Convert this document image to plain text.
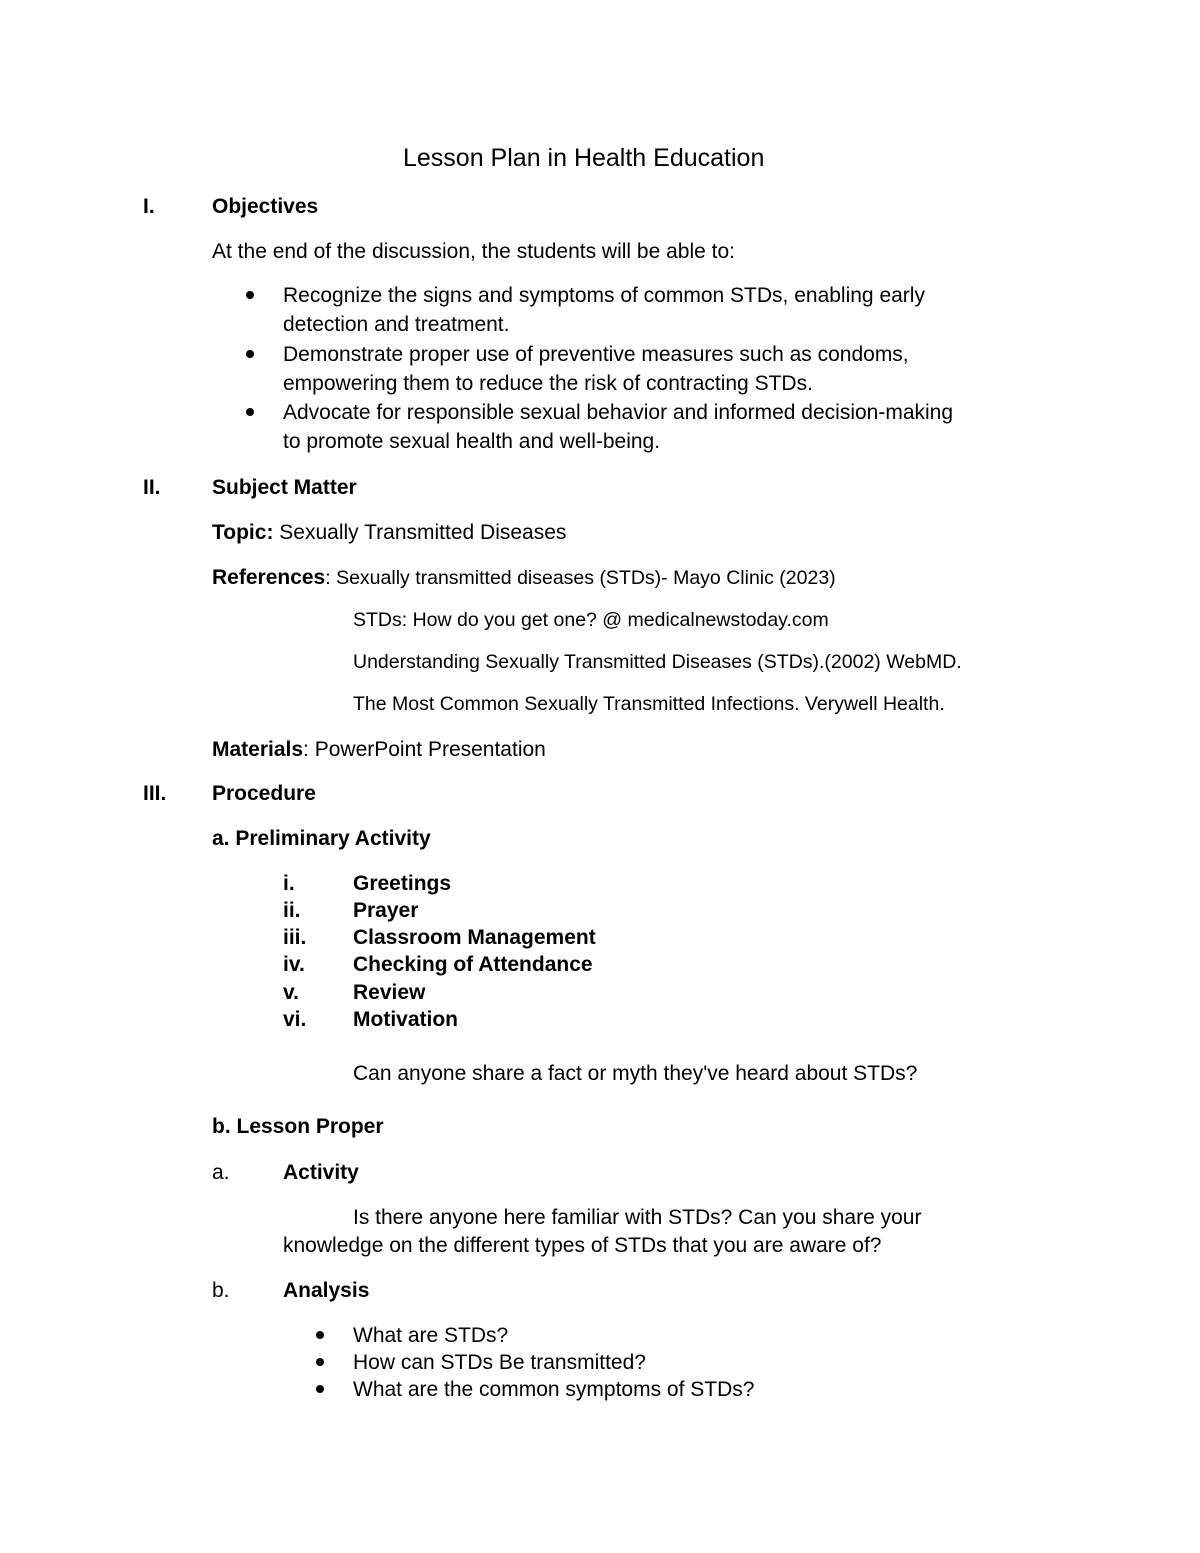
Lesson Plan in Health Education
I.	Objectives
At the end of the discussion, the students will be able to:
Recognize the signs and symptoms of common STDs, enabling early
detection and treatment.
Demonstrate proper use of preventive measures such as condoms,
empowering them to reduce the risk of contracting STDs.
Advocate for responsible sexual behavior and informed decision-making
to promote sexual health and well-being.
II. Subject Matter
Topic: Sexually Transmitted Diseases
References: Sexually transmitted diseases (STDs)- Mayo Clinic (2023)
STDs: How do you get one? @ medicalnewstoday.com
Understanding Sexually Transmitted Diseases (STDs).(2002) WebMD.
The Most Common Sexually Transmitted Infections. Verywell Health.
Materials: PowerPoint Presentation
III. Procedure
a. Preliminary Activity
i.	Greetings
ii. Prayer
iii. Classroom Management
iv. Checking of Attendance
v.	Review
vi. Motivation
Can anyone share a fact or myth they've heard about STDs?
b. Lesson Proper
a.	Activity
Is there anyone here familiar with STDs? Can you share your
knowledge on the different types of STDs that you are aware of?
b.	Analysis
What are STDs?
How can STDs Be transmitted?
What are the common symptoms of STDs?
